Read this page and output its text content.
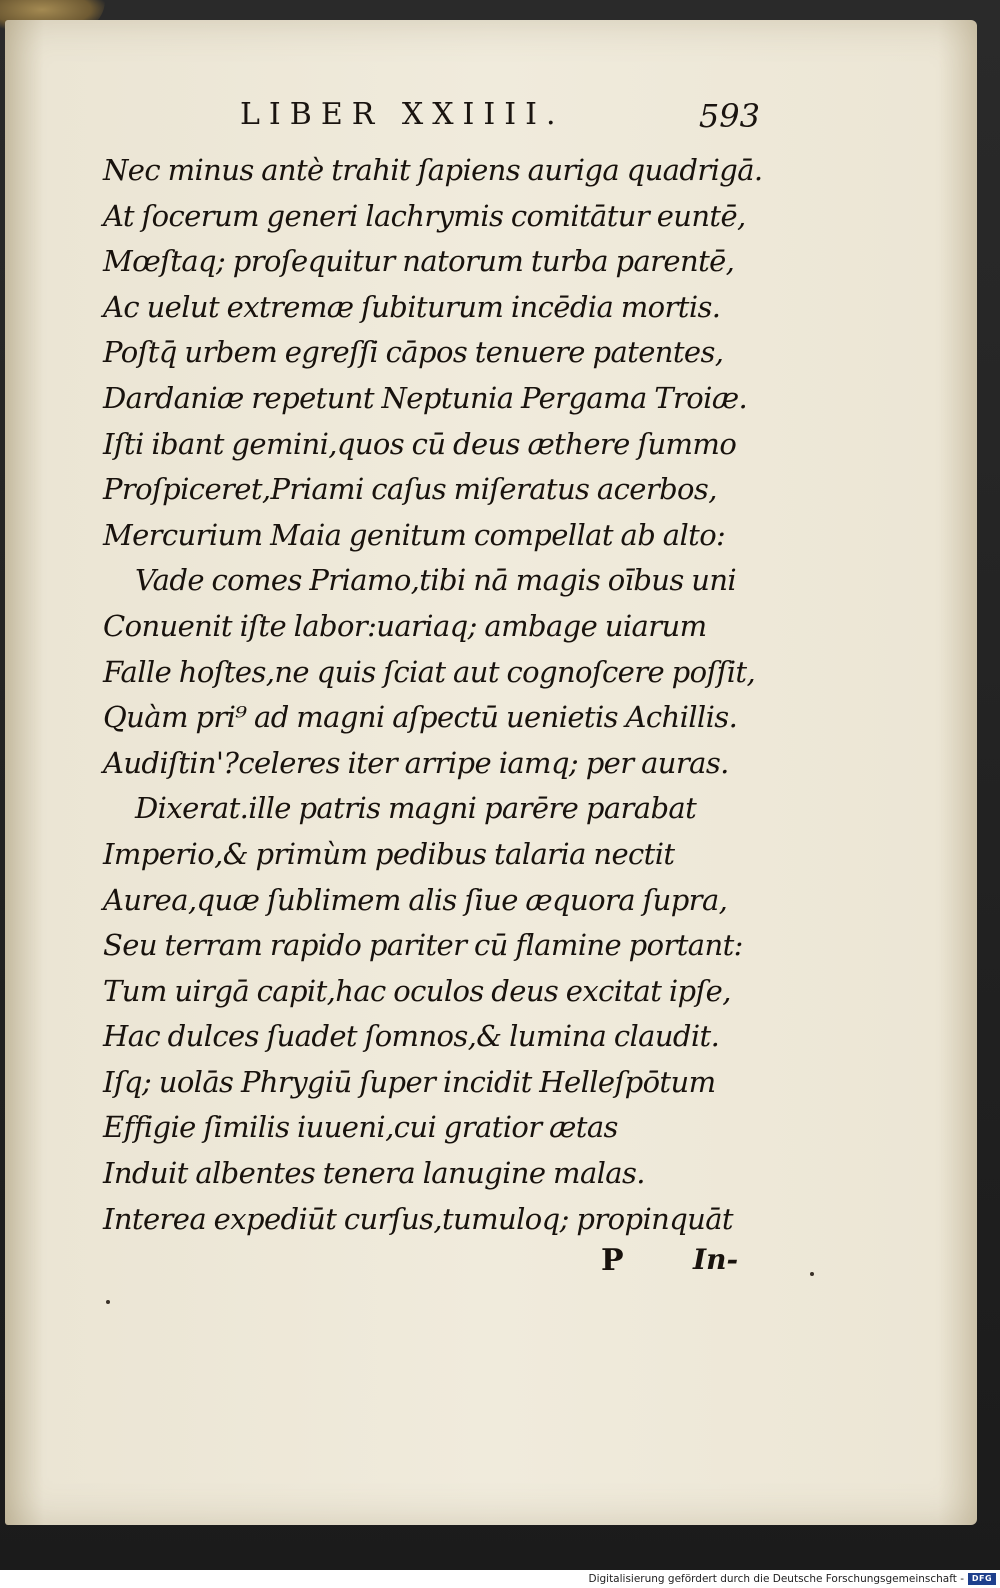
LIBER XXIIII.	593
Nec minus antè trahit ſapiens auriga quadrigā.
At ſocerum generi lachrymis comitātur euntē,
Mœſtaq; proſequitur natorum turba parentē,
Ac uelut extremæ ſubiturum incēdia mortis.
Poſtq̄ urbem egreſſi cāpos tenuere patentes,
Dardaniæ repetunt Neptunia Pergama Troiæ.
Iſti ibant gemini,quos cū deus æthere ſummo
Proſpiceret,Priami caſus miſeratus acerbos,
Mercurium Maia genitum compellat ab alto:
Vade comes Priamo,tibi nā magis oībus uni
Conuenit iſte labor:uariaq; ambage uiarum
Falle hoſtes,ne quis ſciat aut cognoſcere poſſit,
Quàm pri⁹ ad magni aſpectū uenietis Achillis.
Audiſtin'?celeres iter arripe iamq; per auras.
Dixerat.ille patris magni parēre parabat
Imperio,& primùm pedibus talaria nectit
Aurea,quæ ſublimem alis ſiue æquora ſupra,
Seu terram rapido pariter cū flamine portant:
Tum uirgā capit,hac oculos deus excitat ipſe,
Hac dulces ſuadet ſomnos,& lumina claudit.
Iſq; uolās Phrygiū ſuper incidit Helleſpōtum
Effigie ſimilis iuueni,cui gratior ætas
Induit albentes tenera lanugine malas.
Interea expediūt curſus,tumuloq; propinquāt
P In-
Digitalisierung gefördert durch die Deutsche Forschungsgemeinschaft - DFG
